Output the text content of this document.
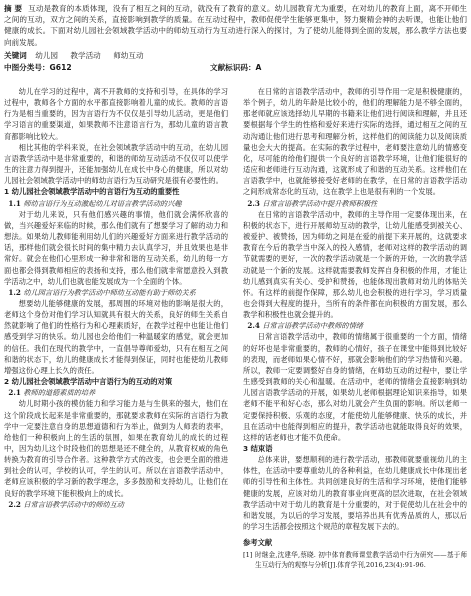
摘 要 互动是教育的本质体现，没有了相互之间的互动，就没有了教育的意义。幼儿园教育尤为重要，在对幼儿的教育上面，离不开师生之间的互动，双方之间的关系，直接影响到教学的质量。在互动过程中，教师促使学生能够更集中，努力聚精会神的去听课，也能让他们健康的成长。下面对幼儿园社会领域教学活动中的师幼互动行为互动进行深入的探讨，为了使幼儿能得到全面的发展，那么教学方法也要向前发展。
关键词 幼儿园 教学活动 师幼互动
中图分类号：G612	文献标识码：A

幼儿在学习的过程中，离不开教师的支持和引导，在具体的学习过程中，教师各个方面的水平都直接影响着儿童的成长。教师的言语行为是相当重要的，因为言语行为不仅仅是引导幼儿活动，更是他们学习语言的重要渠道，如果教师不注意语言行为，那幼儿童的语言教育都影响比较大。

相比其他的学科来说，在社会领域教学活动中的互动，在幼儿园言语教学活动中是非常重要的，和谐的师幼互动活动不仅仅可以使学生的注意力得到提升，还能加强幼儿在成长中身心的健康，所以对幼儿园社会领域教学活动中的师幼言语行为互动研究是很有必要性的。

1 幼儿园社会领域教学活动中的言语行为互动的重要性

1.1 师幼言语行为互动激起幼儿对语言教学活动的兴趣

对于幼儿来说，只有他们感兴趣的事情，他们就会满怀欣喜的做，当兴趣爱好来临的时候，那么他们就有了想要学习了解的动力和想法。如果幼儿教师能利用幼儿们的兴趣爱好方面来进行教学活动的话，那样他们就会很长时间的集中精力去认真学习，并且效果也是非常好。就会在他们心里形成一种非常和谐的互动关系，幼儿的每一方面也都会得到教师相应的表扬和支持，那么他们就非常愿意投入到教学活动之中，幼儿们也就也能发展成为一个全面的个体。

1.2 幼儿园言语行为教学活动中师幼互动能有助于师幼关系

想要幼儿能够健康的发展，那周围的环境对他的影响是很大的，老师这个身份对他们学习认知就具有很大的关系，良好的师生关系自然就影响了他们的性格行为和心理素质好，在教学过程中也能让他们感受到学习的快乐。幼儿园也会给他们一种温暖家的感觉，就会更加的信任。我们在现代的教学中，一直倡导尊师爱幼，只有在相互之间和谐的状态下，幼儿的健康成长才能得到保证，同时也能使幼儿教师增强这份心理上长久的责任。

2 幼儿园社会领域教学活动中言语行为的互动的对策

2.1 教师的道德素质的培养

幼儿时期小孩的模仿能力和学习能力是与生俱来的强大，他们在这个阶段成长起来是非常重要的，那就要求教师在实际的言语行为教学中一定要注意自身的思想道德和行为举止，做到为人师表的表率，给他们一种积极向上的生活的氛围，如果在教育幼儿的成长的过程中，因为幼儿这个时段他们的思想是还不健全的，从教育权威的角色转换为教育的引导合作者。这种教学方式的改变，也会更全面的推进到社会的认可，学校的认可，学生的认可。所以在言语教学活动中，老师应该积极的学习新的教学理念，多多鼓励和支持幼儿，让他们在良好的教学环境下能积极向上的成长。

2.2 日常言语教学活动中的师幼互动

在日常的言语教学活动中，教师的引导作用一定是积极健康的，举个例子，幼儿的年龄是比较小的，他们的理解能力是不够全面的，那老师就应该选择幼儿早期的书籍来让他们进行阅读和理解，并且还要根据每个学生的性格和爱好来进行实际的选择，通过相互之间的互动沟通让他们进行思考和理解分析，这样他们的阅读能力以及阅读质量也会大大的提高。在实际的教学过程中，老师要注意幼儿的情感变化，尽可能的给他们提供一个良好的言语教学环境，让他们能很好的适应和老师进行互动沟通，这就形成了和谐的互动关系。这样他们在言语教学中，也就能够接受好老师的在教学，在日常的言语教学活动之间形成常态化的互动，这在教学上也是很有利的一个发展。

2.3 日常言语教学活动中提升教师积极性

在日常的言语教学活动中，教师的主导作用一定要体现出来，在积极的状态下，进行开展师幼互动的教学，让幼儿能感受到被关心、被爱护、被赞扬，因为师幼之间是在爱的前提下来开展的，这就要求教育在今后的教学当中深入的投入感情，老师对这样的教学活动的调节就需要的更好，一次的教学活动就是一个新的开始，一次的教学活动就是一个新的发展。这样就需要教师发挥自身积极的作用，才能让幼儿感到真实有关心、受护和赞扬，也能体现出教师对幼儿的体贴关怀。有这样的前提作保障，那么幼儿也会积极的进行学习，学习质量也会得到大程度的提升，当所有的条件都在向积极的方面发展，那么教学和积极性也就会提升的。

2.4 日常言语教学活动中教师的情绪

日常言语教学活动中，教师的情绪属于很重要的一个方面，情绪的好坏也是非常重要的，教师的心情好，孩子在课堂中能得到比较好的表现，而老师如果心情不好，那就会影响他们的学习热情和兴趣。所以，教师一定要调整好自身的情绪，在师幼互动的过程中，要让学生感受到教师的关心和温暖。在活动中，老师的情绪会直接影响到幼儿园言语教学活动的开展，如果幼儿老师根据理论知识来指导，如果老师不能平和好心态，那么对幼儿就会产生负面的影响。所以老师一定要保持积极、乐观的态度，才能使幼儿能够健康、快乐的成长，并且在活动中也能得到相应的提升，教学活动也就能取得良好的效果，这样的话老师也才能不负使命。

3 结束语

总体来讲，要想顺利的进行教学活动，那教师就要重视幼儿的主体性，在活动中要尊重幼儿的各种利益，在幼儿健康成长中体现出老师的引导性和主体性。共同创建良好的生活和学习环境，使他们能够健康的发展，应该对幼儿的教育事业向更高的层次进取，在社会领域教学活动中对于幼儿的教育是十分重要的，对于促使幼儿在社会中的和谐发展，为以后的学习发展，要培养出具有优秀品质的人，那以后的学习生活都会按照这个规范的章程发展下去的。

参考文献

[1] 时继金,沈建华,蔡晓. 初中体育教师课堂教学活动中行为研究——基于师生互动行为的观察与分析[J].体育学刊,2016,23(4):91-96.
